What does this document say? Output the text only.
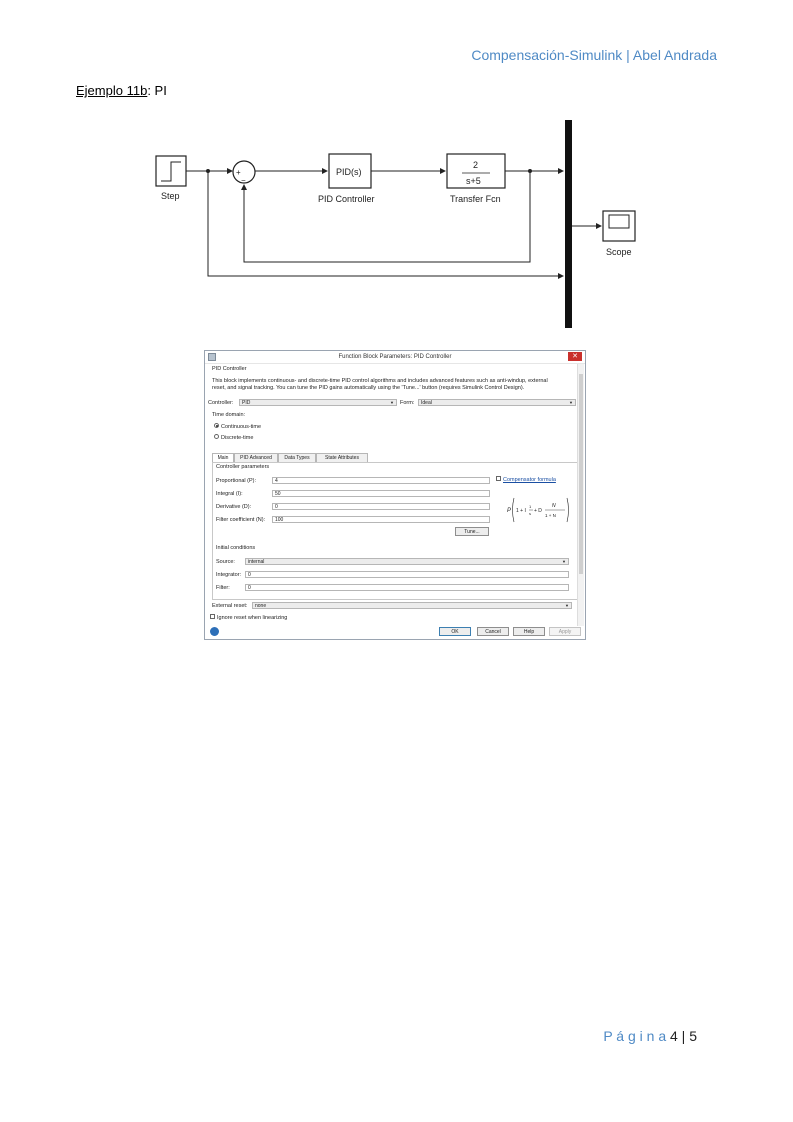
Compensación-Simulink | Abel Andrada
Ejemplo 11b: PI
Step
+
−
PID(s)
PID Controller
2
s+5
Transfer Fcn
Scope
Function Block Parameters: PID Controller	✕
PID Controller
This block implements continuous- and discrete-time PID control algorithms and includes advanced features such as anti-windup, external
reset, and signal tracking. You can tune the PID gains automatically using the 'Tune...' button (requires Simulink Control Design).
Controller:	PID	▼ Form:	Ideal	▼
Time domain:
Continuous-time
Discrete-time
Main	PID Advanced	Data Types	State Attributes
Controller parameters
Proportional (P):	4
Integral (I):	50
Derivative (D):	0
Filter coefficient (N):	100
Compensator formula
P 1 + I
1
s + D
N
1 + N
Tune...
Initial conditions
Source:	internal	▼
Integrator:	0
Filter:	0
External reset:	none	▼
Ignore reset when linearizing
OK	Cancel	Help	Apply
P á g i n a 4 | 5
